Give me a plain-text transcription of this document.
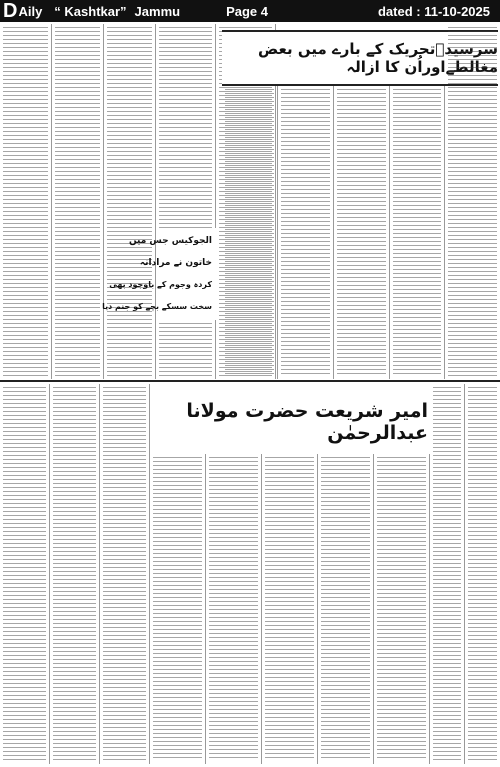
D Aily “ Kashtkar” Jammu	Page 4	dated : 11-10-2025
الجوکیس جس میں
خاتون نے مرادانہ
کردہ وجوم کے باوجود بھی
سخت سسکے بچے کو جنم دیا
سرسیدؔتحریک کے بارے میں بعض مغالطےاوراُن کا ازالہ
امیر شریعت حضرت مولانا عبدالرحمٰن
